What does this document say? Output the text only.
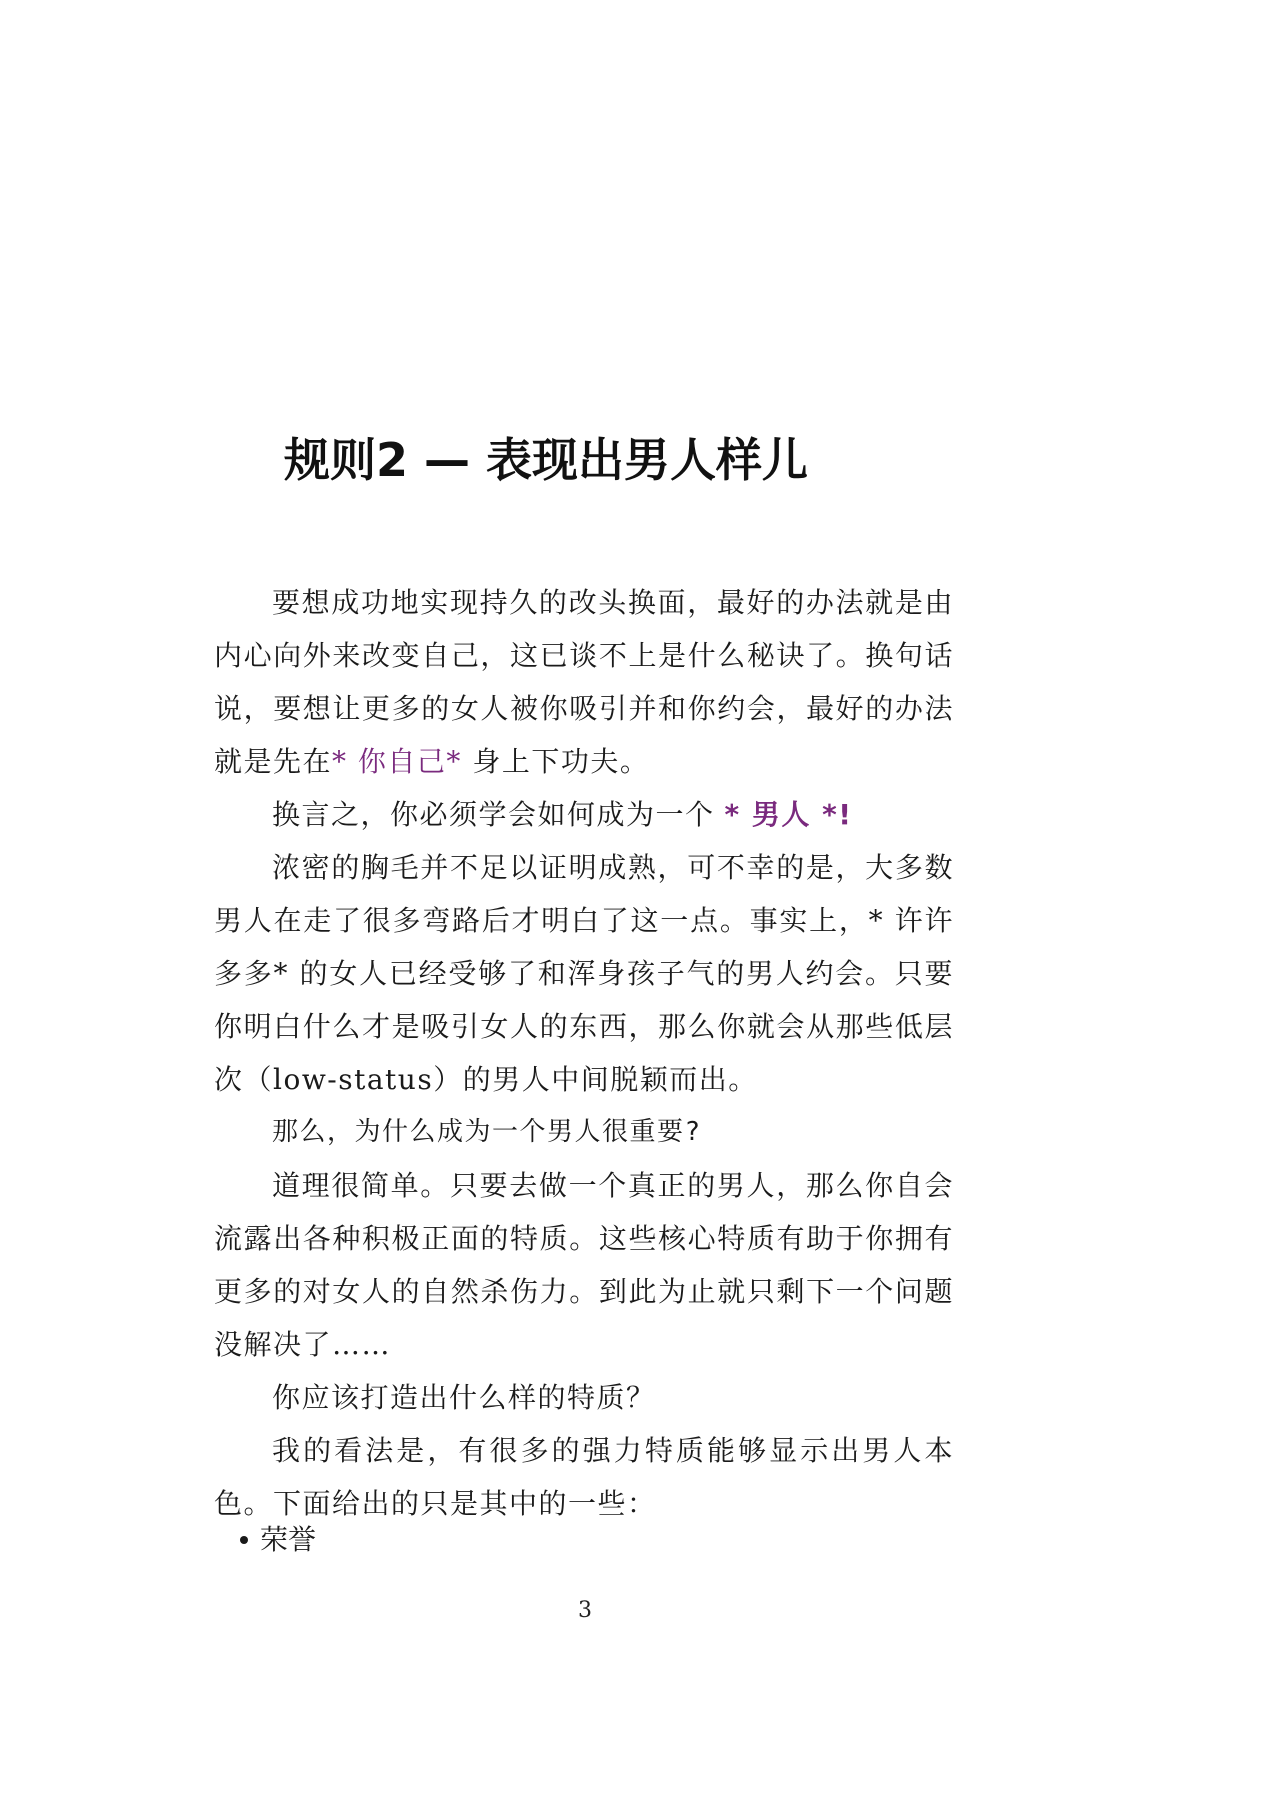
规则2 — 表现出男人样儿

要想成功地实现持久的改头换面，最好的办法就是由内心向外来改变自己，这已谈不上是什么秘诀了。换句话说，要想让更多的女人被你吸引并和你约会，最好的办法就是先在* 你自己* 身上下功夫。

换言之，你必须学会如何成为一个 * 男人 *!

浓密的胸毛并不足以证明成熟，可不幸的是，大多数男人在走了很多弯路后才明白了这一点。事实上，* 许许多多* 的女人已经受够了和浑身孩子气的男人约会。只要你明白什么才是吸引女人的东西，那么你就会从那些低层次（low-status）的男人中间脱颖而出。

那么，为什么成为一个男人很重要?

道理很简单。只要去做一个真正的男人，那么你自会流露出各种积极正面的特质。这些核心特质有助于你拥有更多的对女人的自然杀伤力。到此为止就只剩下一个问题没解决了……

你应该打造出什么样的特质？

我的看法是，有很多的强力特质能够显示出男人本色。下面给出的只是其中的一些：

荣誉
3
